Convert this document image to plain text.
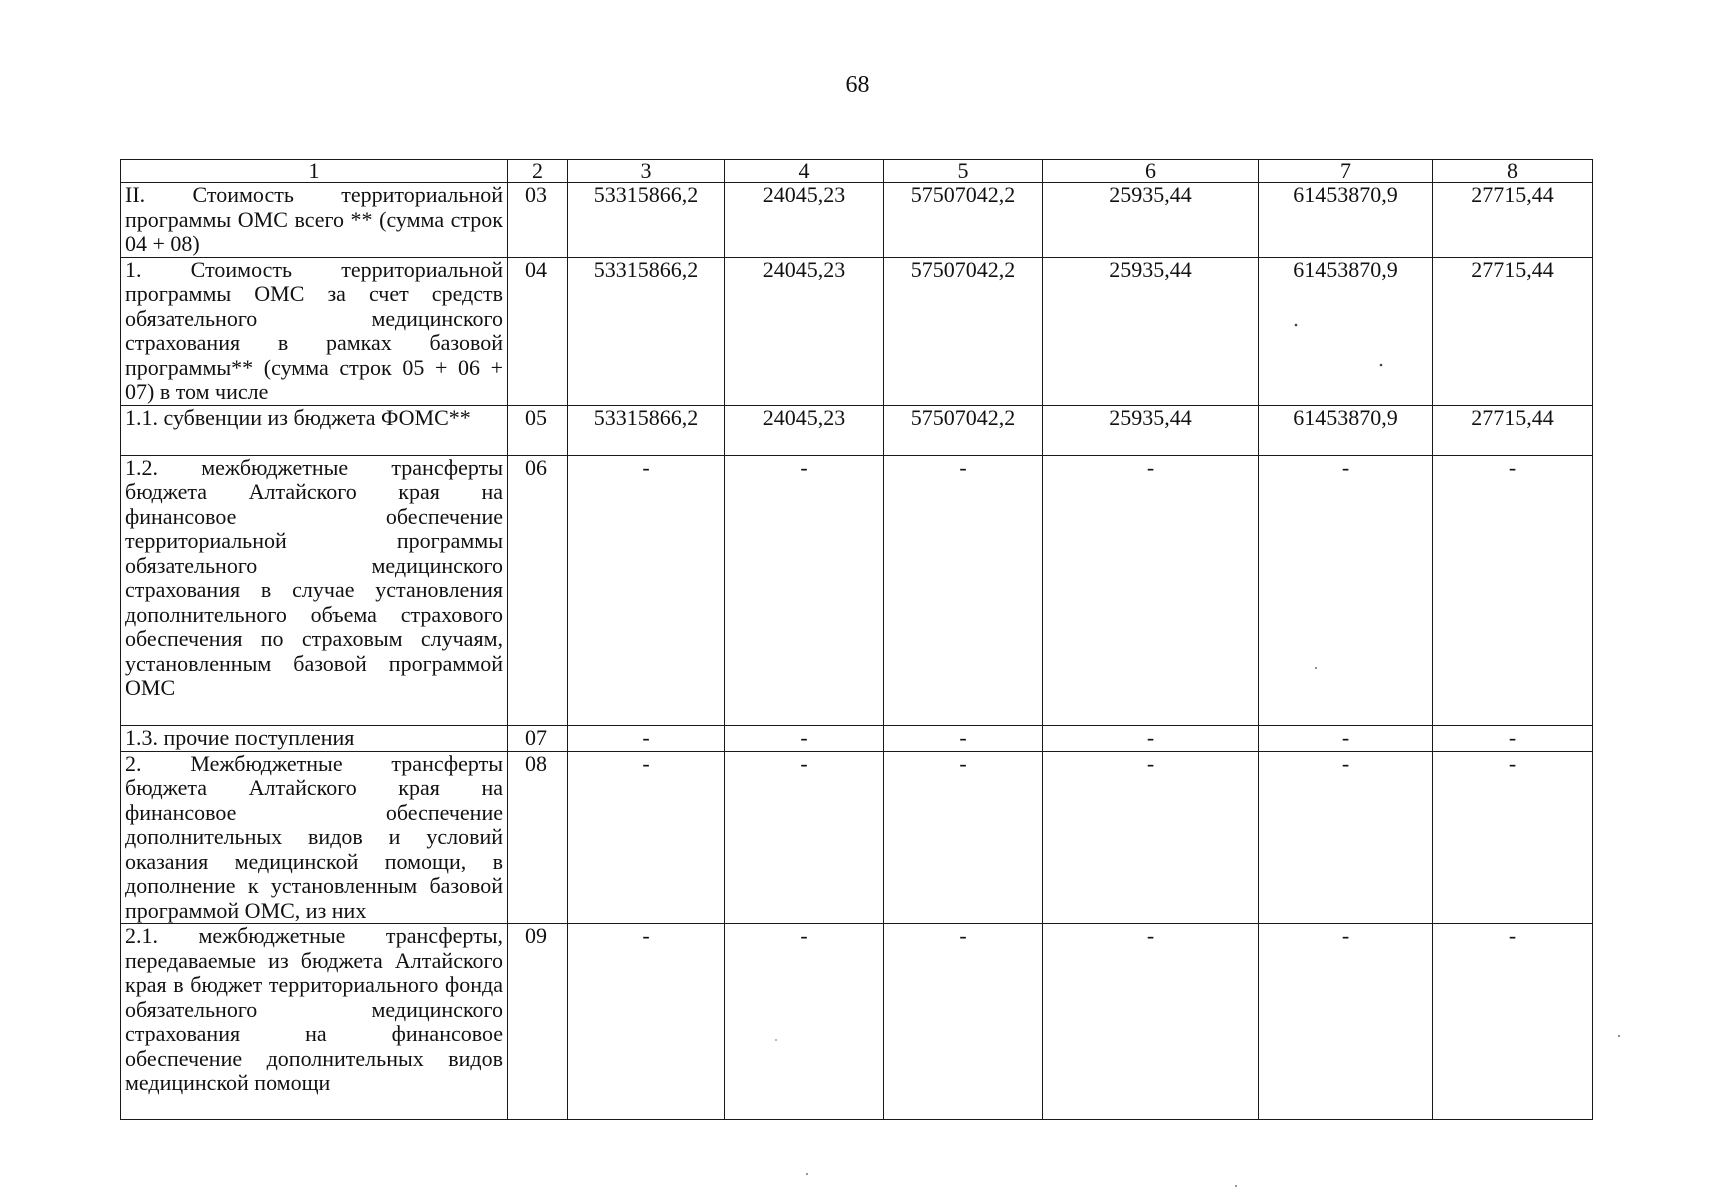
68
1	2	3	4	5	6	7	8
II. Стоимость территориальной программы ОМС всего ** (сумма строк 04 + 08)	03	53315866,2	24045,23	57507042,2	25935,44	61453870,9	27715,44
1. Стоимость территориальной программы ОМС за счет средств обязательного медицинского страхования в рамках базовой программы** (сумма строк 05 + 06 + 07) в том числе	04	53315866,2	24045,23	57507042,2	25935,44	61453870,9	27715,44
1.1. субвенции из бюджета ФОМС**	05	53315866,2	24045,23	57507042,2	25935,44	61453870,9	27715,44
1.2. межбюджетные трансферты бюджета Алтайского края на финансовое обеспечение территориальной программы обязательного медицинского страхования в случае установления дополнительного объема страхового обеспечения по страховым случаям, установленным базовой программой ОМС	06	-	-	-	-	-	-
1.3. прочие поступления	07	-	-	-	-	-	-
2. Межбюджетные трансферты бюджета Алтайского края на финансовое обеспечение дополнительных видов и условий оказания медицинской помощи, в дополнение к установленным базовой программой ОМС, из них	08	-	-	-	-	-	-
2.1. межбюджетные трансферты, передаваемые из бюджета Алтайского края в бюджет территориального фонда обязательного медицинского страхования на финансовое обеспечение дополнительных видов медицинской помощи	09	-	-	-	-	-	-
